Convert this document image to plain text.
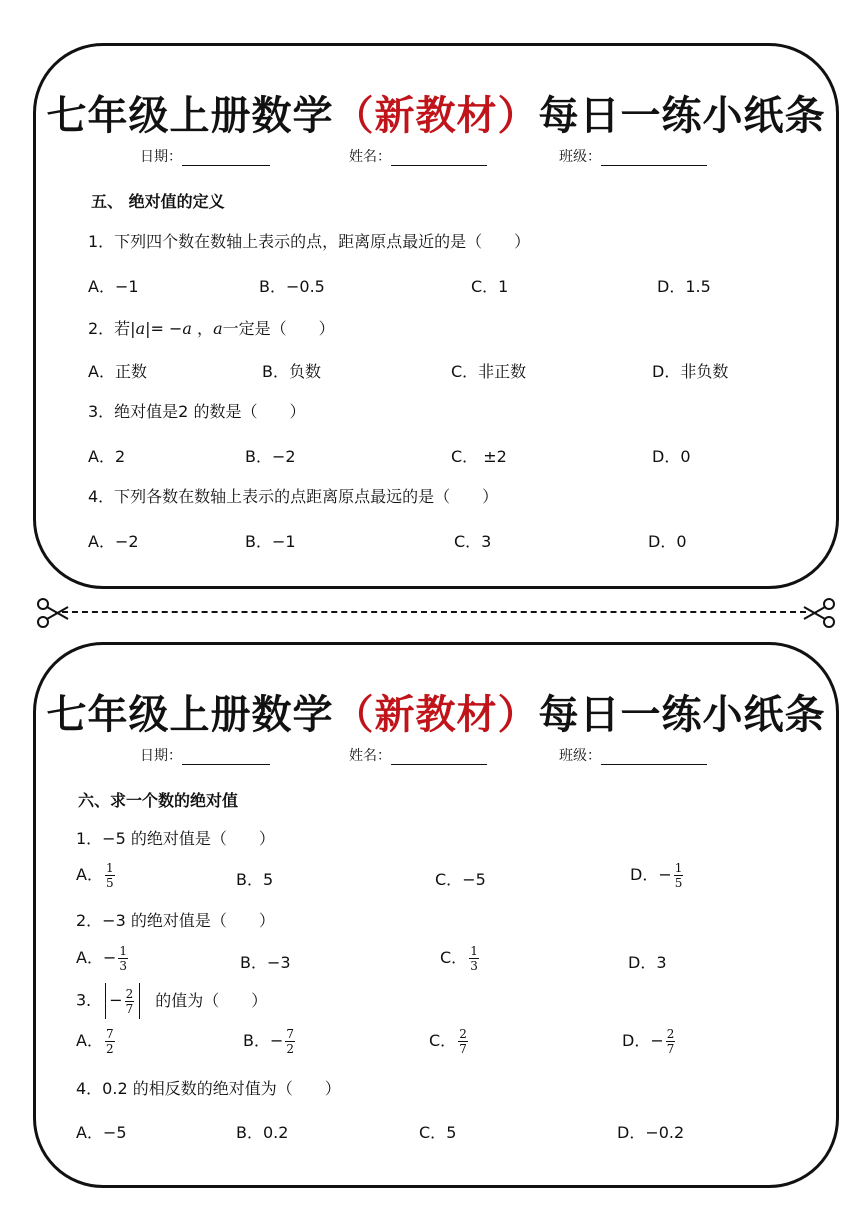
七年级上册数学（新教材）每日一练小纸条
日期：	姓名：	班级：
五、 绝对值的定义
1．下列四个数在数轴上表示的点，距离原点最近的是（　　）
A．−1	B．−0.5	C．1	D．1.5
2．若|a|= −a ，a一定是（　　）
A．正数	B．负数	C．非正数	D．非负数
3．绝对值是2 的数是（　　）
A．2	B．−2	C． ±2	D．0
4．下列各数在数轴上表示的点距离原点最远的是（　　）
A．−2	B．−1	C．3	D．0
七年级上册数学（新教材）每日一练小纸条
日期：	姓名：	班级：
六、求一个数的绝对值
1．−5 的绝对值是（　　）
A． $\frac{1}{5}$	B．5	C．−5	D．− $\frac{1}{5}$
2．−3 的绝对值是（　　）
A．− $\frac{1}{3}$	B．−3	C． $\frac{1}{3}$	D．3
3． − $\frac{2}{7}$ 的值为（　　）
A． $\frac{7}{2}$	B．− $\frac{7}{2}$	C． $\frac{2}{7}$	D．− $\frac{2}{7}$
4．0.2 的相反数的绝对值为（　　）
A．−5	B．0.2	C．5	D．−0.2
